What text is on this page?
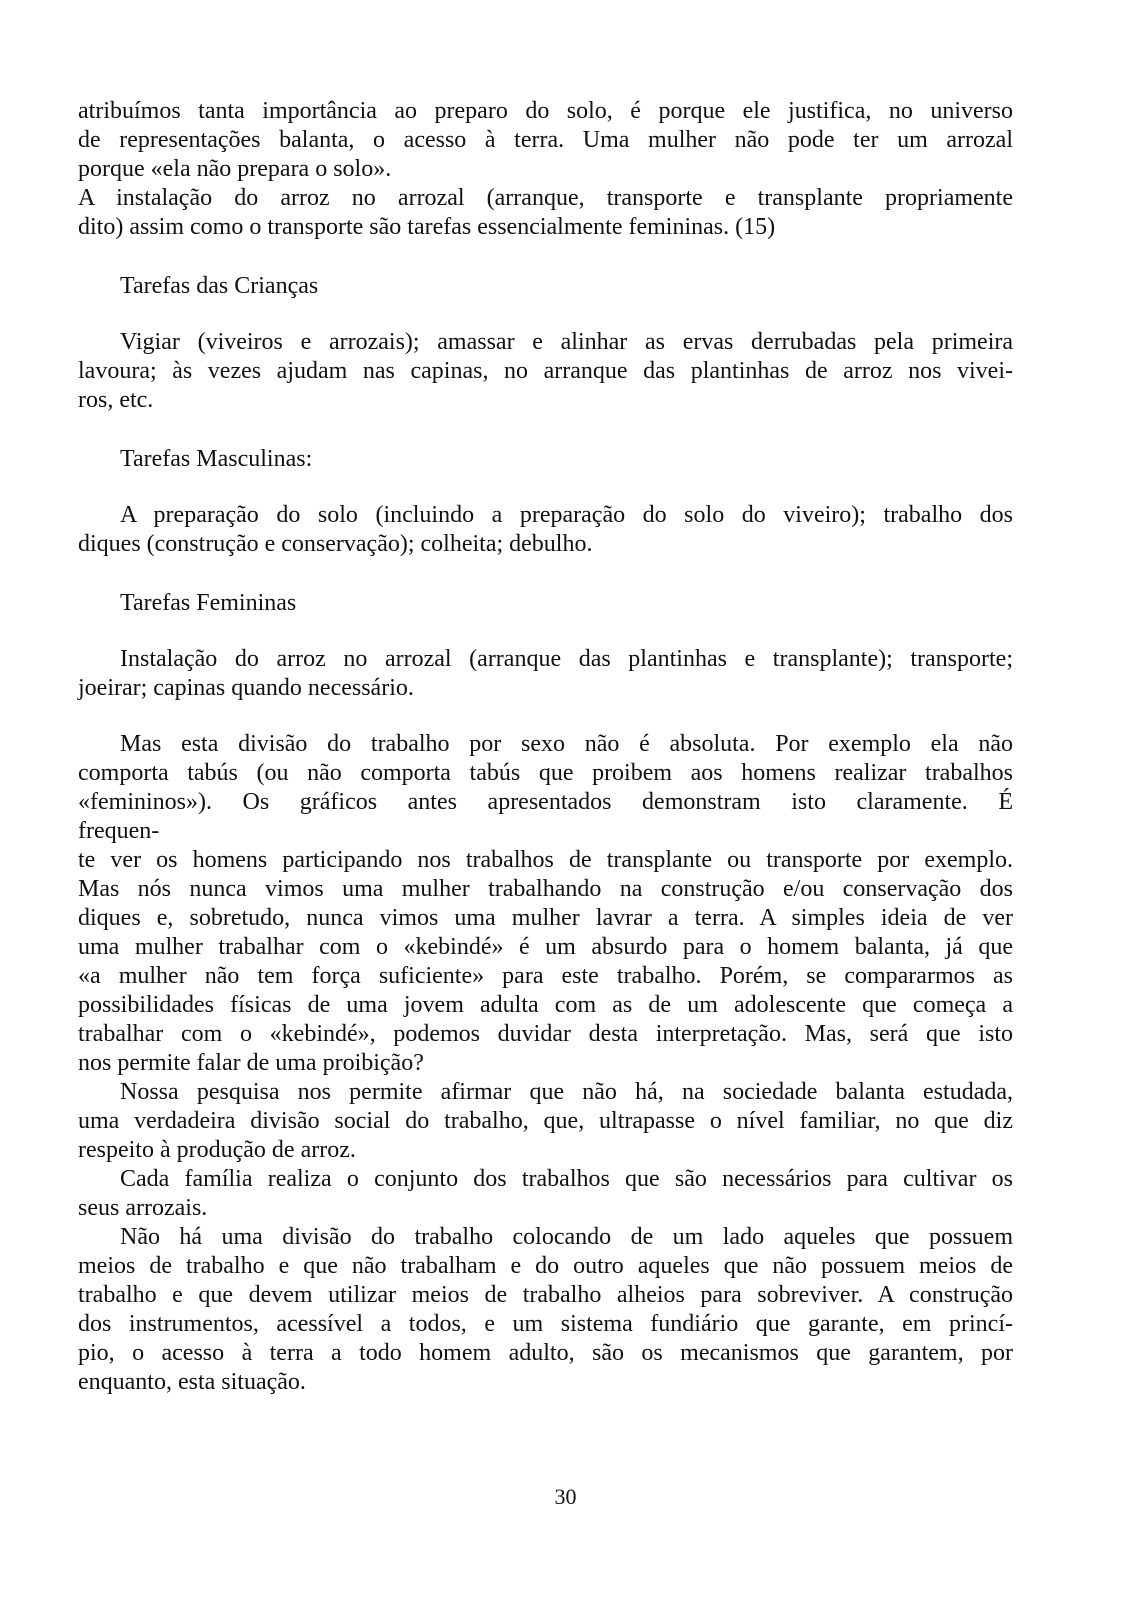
atribuímos tanta importância ao preparo do solo, é porque ele justifica, no universo
de representações balanta, o acesso à terra. Uma mulher não pode ter um arrozal
porque «ela não prepara o solo».
A instalação do arroz no arrozal (arranque, transporte e transplante propriamente
dito) assim como o transporte são tarefas essencialmente femininas. (15)

Tarefas das Crianças

Vigiar (viveiros e arrozais); amassar e alinhar as ervas derrubadas pela primeira
lavoura; às vezes ajudam nas capinas, no arranque das plantinhas de arroz nos vivei-
ros, etc.

Tarefas Masculinas:

A preparação do solo (incluindo a preparação do solo do viveiro); trabalho dos
diques (construção e conservação); colheita; debulho.

Tarefas Femininas

Instalação do arroz no arrozal (arranque das plantinhas e transplante); transporte;
joeirar; capinas quando necessário.
Mas esta divisão do trabalho por sexo não é absoluta. Por exemplo ela não
comporta tabús (ou não comporta tabús que proibem aos homens realizar trabalhos
«femininos»). Os gráficos antes apresentados demonstram isto claramente. É
frequen-
te ver os homens participando nos trabalhos de transplante ou transporte por exemplo.
Mas nós nunca vimos uma mulher trabalhando na construção e/ou conservação dos
diques e, sobretudo, nunca vimos uma mulher lavrar a terra. A simples ideia de ver
uma mulher trabalhar com o «kebindé» é um absurdo para o homem balanta, já que
«a mulher não tem força suficiente» para este trabalho. Porém, se compararmos as
possibilidades físicas de uma jovem adulta com as de um adolescente que começa a
trabalhar com o «kebindé», podemos duvidar desta interpretação. Mas, será que isto
nos permite falar de uma proibição?
Nossa pesquisa nos permite afirmar que não há, na sociedade balanta estudada,
uma verdadeira divisão social do trabalho, que, ultrapasse o nível familiar, no que diz
respeito à produção de arroz.
Cada família realiza o conjunto dos trabalhos que são necessários para cultivar os
seus arrozais.
Não há uma divisão do trabalho colocando de um lado aqueles que possuem
meios de trabalho e que não trabalham e do outro aqueles que não possuem meios de
trabalho e que devem utilizar meios de trabalho alheios para sobreviver. A construção
dos instrumentos, acessível a todos, e um sistema fundiário que garante, em princí-
pio, o acesso à terra a todo homem adulto, são os mecanismos que garantem, por
enquanto, esta situação.
30
